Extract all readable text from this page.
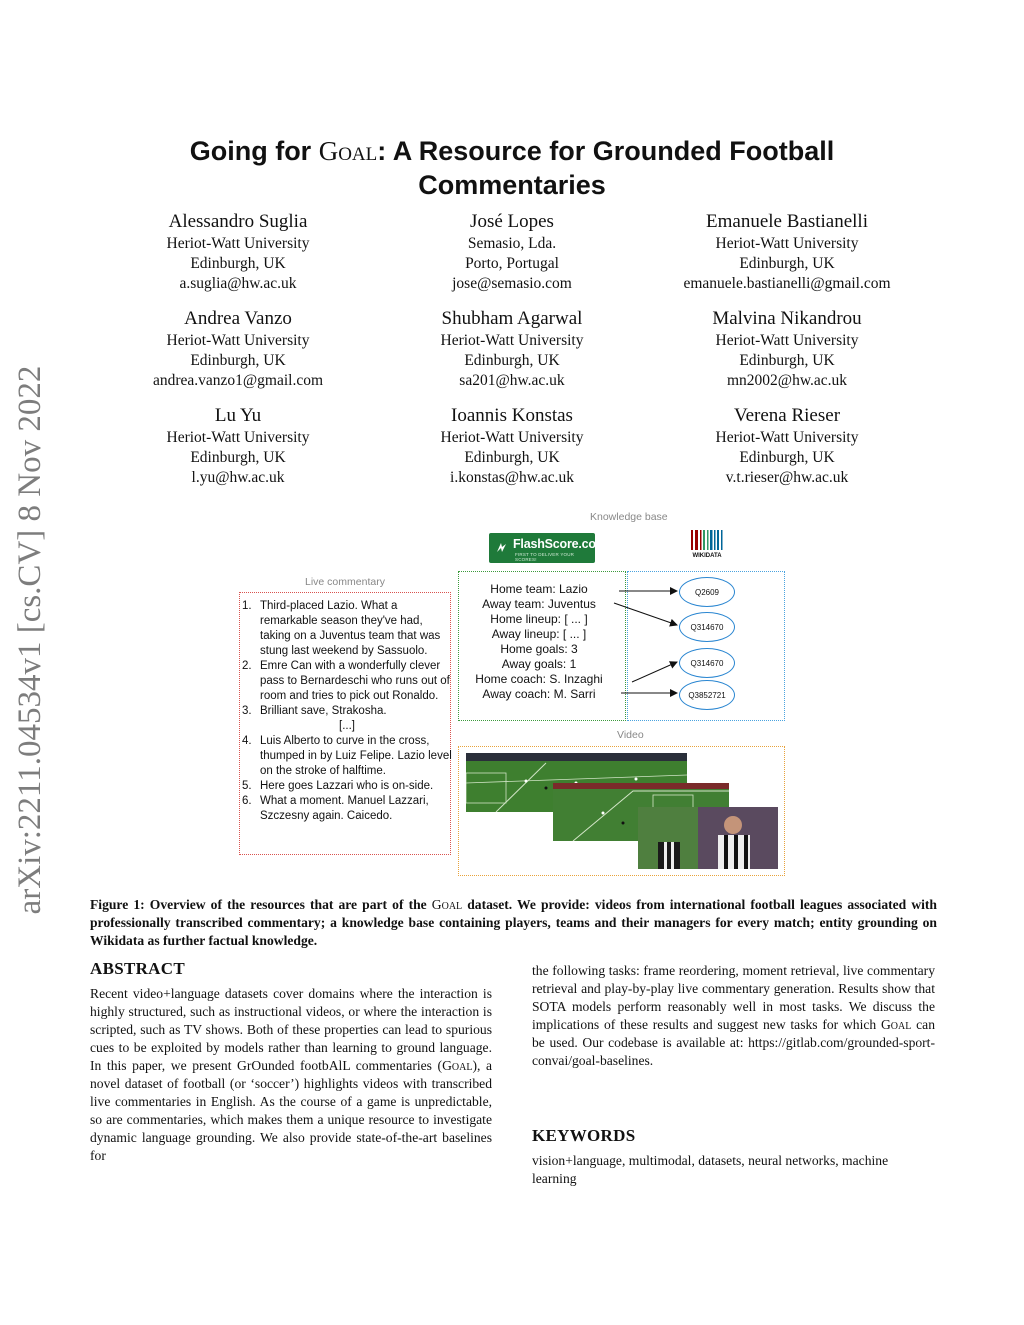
arXiv:2211.04534v1 [cs.CV] 8 Nov 2022
Going for Goal: A Resource for Grounded Football Commentaries
Alessandro Suglia
Heriot-Watt University
Edinburgh, UK
a.suglia@hw.ac.uk
José Lopes
Semasio, Lda.
Porto, Portugal
jose@semasio.com
Emanuele Bastianelli
Heriot-Watt University
Edinburgh, UK
emanuele.bastianelli@gmail.com
Andrea Vanzo
Heriot-Watt University
Edinburgh, UK
andrea.vanzo1@gmail.com
Shubham Agarwal
Heriot-Watt University
Edinburgh, UK
sa201@hw.ac.uk
Malvina Nikandrou
Heriot-Watt University
Edinburgh, UK
mn2002@hw.ac.uk
Lu Yu
Heriot-Watt University
Edinburgh, UK
l.yu@hw.ac.uk
Ioannis Konstas
Heriot-Watt University
Edinburgh, UK
i.konstas@hw.ac.uk
Verena Rieser
Heriot-Watt University
Edinburgh, UK
v.t.rieser@hw.ac.uk
Knowledge base
FlashScore.com
FIRST TO DELIVER YOUR SCORES!
WIKIDATA
Live commentary
1. Third-placed Lazio. What a remarkable season they've had, taking on a Juventus team that was stung last weekend by Sassuolo.
2. Emre Can with a wonderfully clever pass to Bernardeschi who runs out of room and tries to pick out Ronaldo.
3. Brilliant save, Strakosha.
[...]
4. Luis Alberto to curve in the cross, thumped in by Luiz Felipe. Lazio level on the stroke of halftime.
5. Here goes Lazzari who is on-side.
6. What a moment. Manuel Lazzari, Szczesny again. Caicedo.
Home team: Lazio
Away team: Juventus
Home lineup: [ ... ]
Away lineup: [ ... ]
Home goals: 3
Away goals: 1
Home coach: S. Inzaghi
Away coach: M. Sarri
Q2609
Q314670
Q314670
Q3852721
Video
Figure 1: Overview of the resources that are part of the Goal dataset. We provide: videos from international football leagues associated with professionally transcribed commentary; a knowledge base containing players, teams and their managers for every match; entity grounding on Wikidata as further factual knowledge.
ABSTRACT
Recent video+language datasets cover domains where the interaction is highly structured, such as instructional videos, or where the interaction is scripted, such as TV shows. Both of these properties can lead to spurious cues to be exploited by models rather than learning to ground language. In this paper, we present GrOunded footbAlL commentaries (Goal), a novel dataset of football (or ‘soccer’) highlights videos with transcribed live commentaries in English. As the course of a game is unpredictable, so are commentaries, which makes them a unique resource to investigate dynamic language grounding. We also provide state-of-the-art baselines for
the following tasks: frame reordering, moment retrieval, live commentary retrieval and play-by-play live commentary generation. Results show that SOTA models perform reasonably well in most tasks. We discuss the implications of these results and suggest new tasks for which Goal can be used. Our codebase is available at: https://gitlab.com/grounded-sport-convai/goal-baselines.
KEYWORDS
vision+language, multimodal, datasets, neural networks, machine learning
